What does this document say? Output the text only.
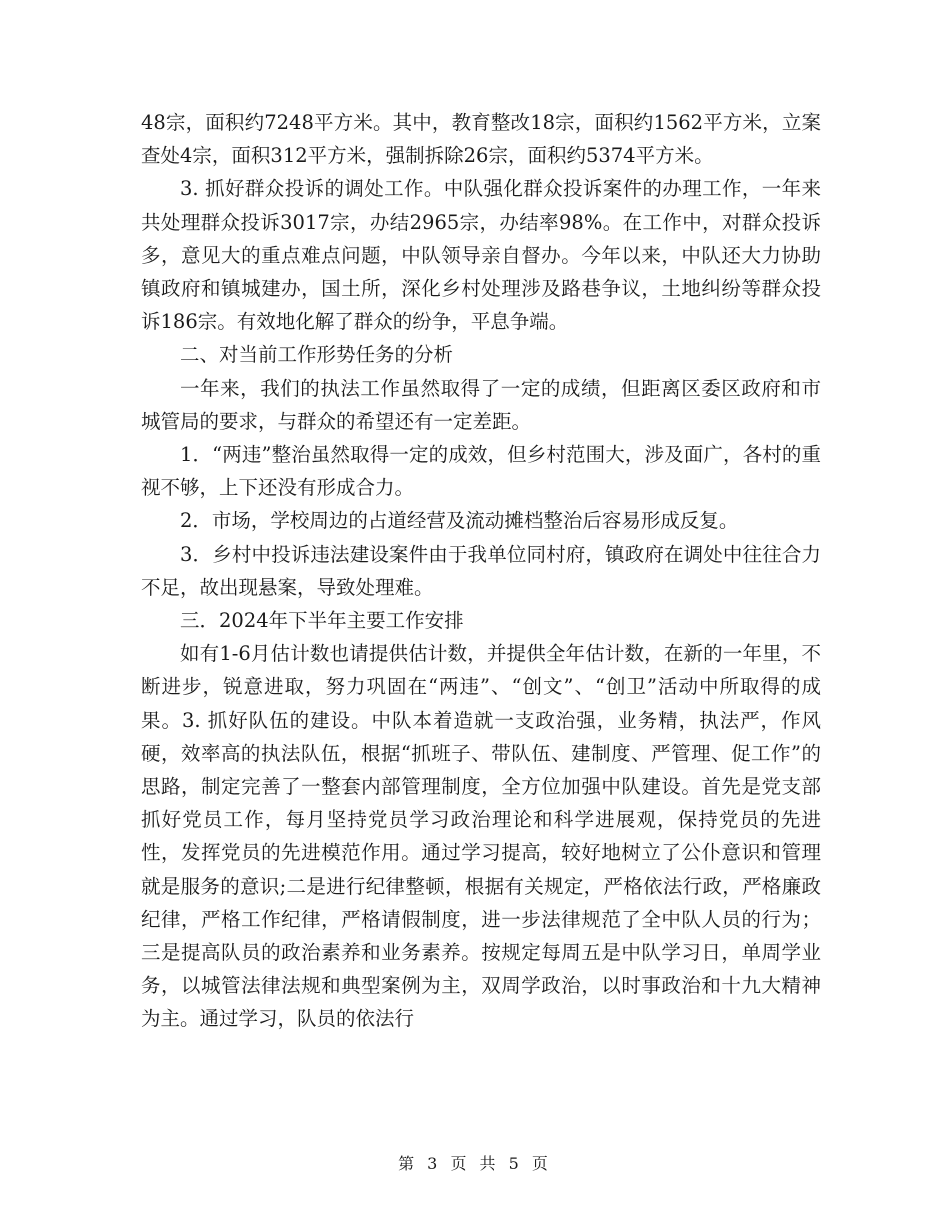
48宗，面积约7248平方米。其中，教育整改18宗，面积约1562平方米，立案查处4宗，面积312平方米，强制拆除26宗，面积约5374平方米。

3. 抓好群众投诉的调处工作。中队强化群众投诉案件的办理工作，一年来共处理群众投诉3017宗，办结2965宗，办结率98%。在工作中，对群众投诉多，意见大的重点难点问题，中队领导亲自督办。今年以来，中队还大力协助镇政府和镇城建办，国土所，深化乡村处理涉及路巷争议，土地纠纷等群众投诉186宗。有效地化解了群众的纷争，平息争端。

二、对当前工作形势任务的分析

一年来，我们的执法工作虽然取得了一定的成绩，但距离区委区政府和市城管局的要求，与群众的希望还有一定差距。

1．“两违”整治虽然取得一定的成效，但乡村范围大，涉及面广，各村的重视不够，上下还没有形成合力。

2．市场，学校周边的占道经营及流动摊档整治后容易形成反复。

3．乡村中投诉违法建设案件由于我单位同村府，镇政府在调处中往往合力不足，故出现悬案，导致处理难。

三．2024年下半年主要工作安排

如有1-6月估计数也请提供估计数，并提供全年估计数，在新的一年里，不断进步，锐意进取，努力巩固在“两违”、“创文”、“创卫”活动中所取得的成果。3. 抓好队伍的建设。中队本着造就一支政治强，业务精，执法严，作风硬，效率高的执法队伍，根据“抓班子、带队伍、建制度、严管理、促工作”的思路，制定完善了一整套内部管理制度，全方位加强中队建设。首先是党支部抓好党员工作，每月坚持党员学习政治理论和科学进展观，保持党员的先进性，发挥党员的先进模范作用。通过学习提高，较好地树立了公仆意识和管理就是服务的意识;二是进行纪律整顿，根据有关规定，严格依法行政，严格廉政纪律，严格工作纪律，严格请假制度，进一步法律规范了全中队人员的行为；三是提高队员的政治素养和业务素养。按规定每周五是中队学习日，单周学业务，以城管法律法规和典型案例为主，双周学政治，以时事政治和十九大精神为主。通过学习，队员的依法行

第 3 页 共 5 页
